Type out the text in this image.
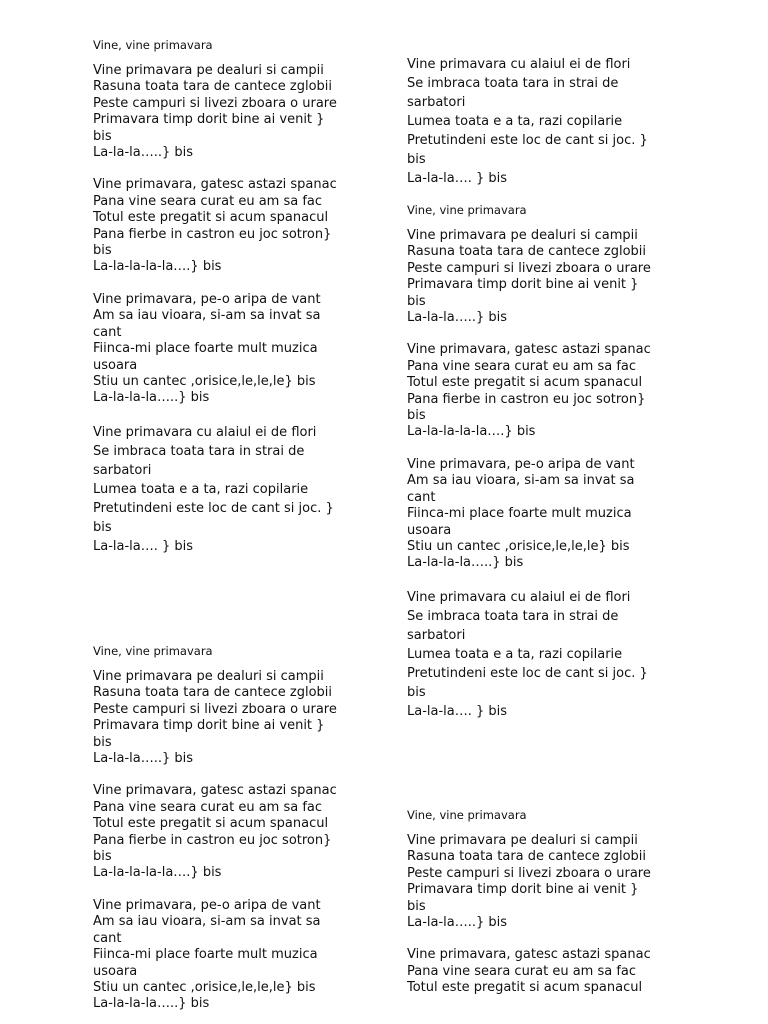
Vine, vine primavara
Vine primavara pe dealuri si campii
Rasuna toata tara de cantece zglobii
Peste campuri si livezi zboara o urare
Primavara timp dorit bine ai venit }
bis
La-la-la…..} bis
Vine primavara, gatesc astazi spanac
Pana vine seara curat eu am sa fac
Totul este pregatit si acum spanacul
Pana fierbe in castron eu joc sotron}
bis
La-la-la-la-la….} bis
Vine primavara, pe-o aripa de vant
Am sa iau vioara, si-am sa invat sa
cant
Fiinca-mi place foarte mult muzica
usoara
Stiu un cantec ,orisice,le,le,le} bis
La-la-la-la…..} bis
Vine primavara cu alaiul ei de flori
Se imbraca toata tara in strai de
sarbatori
Lumea toata e a ta, razi copilarie
Pretutindeni este loc de cant si joc. }
bis
La-la-la…. } bis
Vine, vine primavara
Vine primavara pe dealuri si campii
Rasuna toata tara de cantece zglobii
Peste campuri si livezi zboara o urare
Primavara timp dorit bine ai venit }
bis
La-la-la…..} bis
Vine primavara, gatesc astazi spanac
Pana vine seara curat eu am sa fac
Totul este pregatit si acum spanacul
Pana fierbe in castron eu joc sotron}
bis
La-la-la-la-la….} bis
Vine primavara, pe-o aripa de vant
Am sa iau vioara, si-am sa invat sa
cant
Fiinca-mi place foarte mult muzica
usoara
Stiu un cantec ,orisice,le,le,le} bis
La-la-la-la…..} bis
Vine primavara cu alaiul ei de flori
Se imbraca toata tara in strai de
sarbatori
Lumea toata e a ta, razi copilarie
Pretutindeni este loc de cant si joc. }
bis
La-la-la…. } bis
Vine, vine primavara
Vine primavara pe dealuri si campii
Rasuna toata tara de cantece zglobii
Peste campuri si livezi zboara o urare
Primavara timp dorit bine ai venit }
bis
La-la-la…..} bis
Vine primavara, gatesc astazi spanac
Pana vine seara curat eu am sa fac
Totul este pregatit si acum spanacul
Pana fierbe in castron eu joc sotron}
bis
La-la-la-la-la….} bis
Vine primavara, pe-o aripa de vant
Am sa iau vioara, si-am sa invat sa
cant
Fiinca-mi place foarte mult muzica
usoara
Stiu un cantec ,orisice,le,le,le} bis
La-la-la-la…..} bis
Vine primavara cu alaiul ei de flori
Se imbraca toata tara in strai de
sarbatori
Lumea toata e a ta, razi copilarie
Pretutindeni este loc de cant si joc. }
bis
La-la-la…. } bis
Vine, vine primavara
Vine primavara pe dealuri si campii
Rasuna toata tara de cantece zglobii
Peste campuri si livezi zboara o urare
Primavara timp dorit bine ai venit }
bis
La-la-la…..} bis
Vine primavara, gatesc astazi spanac
Pana vine seara curat eu am sa fac
Totul este pregatit si acum spanacul
